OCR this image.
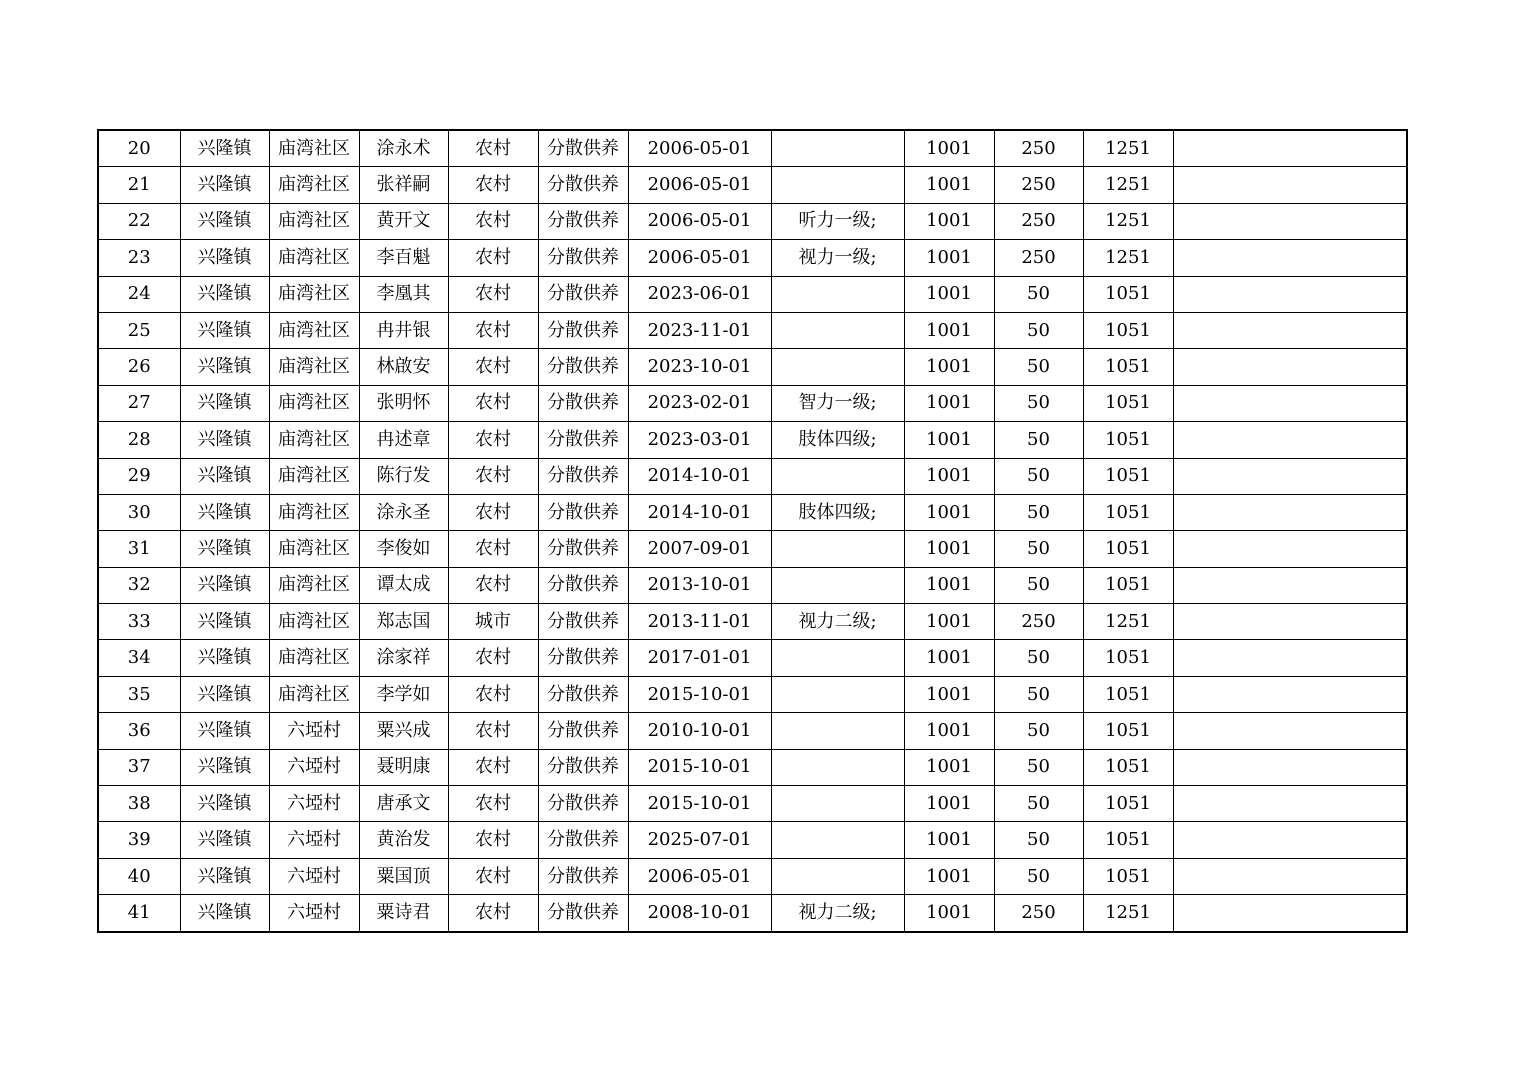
20	兴隆镇	庙湾社区	涂永术	农村	分散供养	2006-05-01		1001	250	1251	
21	兴隆镇	庙湾社区	张祥嗣	农村	分散供养	2006-05-01		1001	250	1251	
22	兴隆镇	庙湾社区	黄开文	农村	分散供养	2006-05-01	听力一级;	1001	250	1251	
23	兴隆镇	庙湾社区	李百魁	农村	分散供养	2006-05-01	视力一级;	1001	250	1251	
24	兴隆镇	庙湾社区	李凰其	农村	分散供养	2023-06-01		1001	50	1051	
25	兴隆镇	庙湾社区	冉井银	农村	分散供养	2023-11-01		1001	50	1051	
26	兴隆镇	庙湾社区	林啟安	农村	分散供养	2023-10-01		1001	50	1051	
27	兴隆镇	庙湾社区	张明怀	农村	分散供养	2023-02-01	智力一级;	1001	50	1051	
28	兴隆镇	庙湾社区	冉述章	农村	分散供养	2023-03-01	肢体四级;	1001	50	1051	
29	兴隆镇	庙湾社区	陈行发	农村	分散供养	2014-10-01		1001	50	1051	
30	兴隆镇	庙湾社区	涂永圣	农村	分散供养	2014-10-01	肢体四级;	1001	50	1051	
31	兴隆镇	庙湾社区	李俊如	农村	分散供养	2007-09-01		1001	50	1051	
32	兴隆镇	庙湾社区	谭太成	农村	分散供养	2013-10-01		1001	50	1051	
33	兴隆镇	庙湾社区	郑志国	城市	分散供养	2013-11-01	视力二级;	1001	250	1251	
34	兴隆镇	庙湾社区	涂家祥	农村	分散供养	2017-01-01		1001	50	1051	
35	兴隆镇	庙湾社区	李学如	农村	分散供养	2015-10-01		1001	50	1051	
36	兴隆镇	六埡村	粟兴成	农村	分散供养	2010-10-01		1001	50	1051	
37	兴隆镇	六埡村	聂明康	农村	分散供养	2015-10-01		1001	50	1051	
38	兴隆镇	六埡村	唐承文	农村	分散供养	2015-10-01		1001	50	1051	
39	兴隆镇	六埡村	黄治发	农村	分散供养	2025-07-01		1001	50	1051	
40	兴隆镇	六埡村	粟国顶	农村	分散供养	2006-05-01		1001	50	1051	
41	兴隆镇	六埡村	粟诗君	农村	分散供养	2008-10-01	视力二级;	1001	250	1251	
